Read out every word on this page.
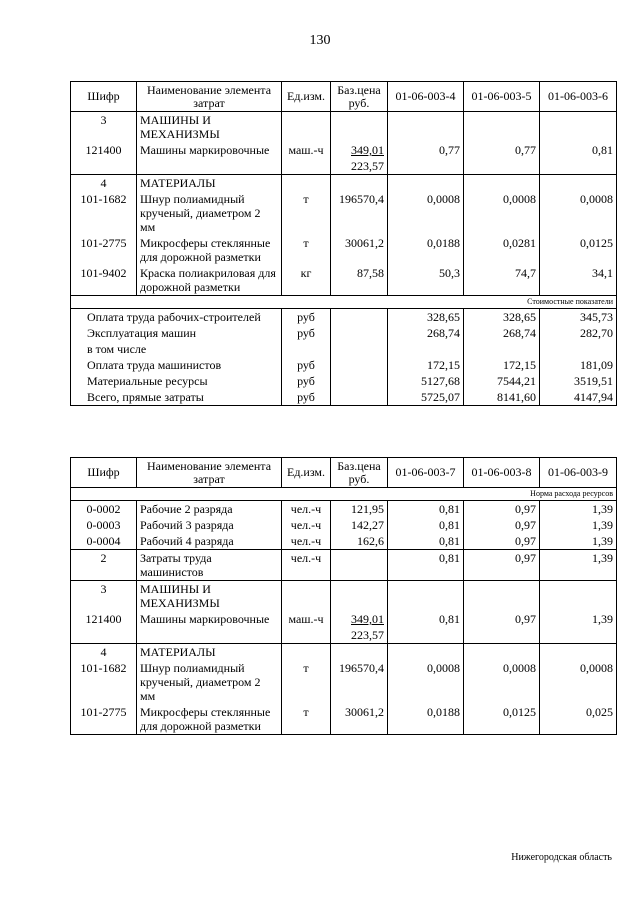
130
Шифр	Наименование элемента затрат	Ед.изм.	Баз.цена руб.	01-06-003-4	01-06-003-5	01-06-003-6
3	МАШИНЫ И МЕХАНИЗМЫ					
121400	Машины маркировочные	маш.-ч	349,01	0,77	0,77	0,81
			223,57			
4	МАТЕРИАЛЫ					
101-1682	Шнур полиамидный крученый, диаметром 2 мм	т	196570,4	0,0008	0,0008	0,0008
101-2775	Микросферы стеклянные для дорожной разметки	т	30061,2	0,0188	0,0281	0,0125
101-9402	Краска полиакриловая для дорожной разметки	кг	87,58	50,3	74,7	34,1
Стоимостные показатели						
Оплата труда рабочих-строителей		руб		328,65	328,65	345,73
Эксплуатация машин		руб		268,74	268,74	282,70
в том числе						
Оплата труда машинистов		руб		172,15	172,15	181,09
Материальные ресурсы		руб		5127,68	7544,21	3519,51
Всего, прямые затраты		руб		5725,07	8141,60	4147,94
Шифр	Наименование элемента затрат	Ед.изм.	Баз.цена руб.	01-06-003-7	01-06-003-8	01-06-003-9
Норма расхода ресурсов						
0-0002	Рабочие 2 разряда	чел.-ч	121,95	0,81	0,97	1,39
0-0003	Рабочий 3 разряда	чел.-ч	142,27	0,81	0,97	1,39
0-0004	Рабочий 4 разряда	чел.-ч	162,6	0,81	0,97	1,39
2	Затраты труда машинистов	чел.-ч		0,81	0,97	1,39
3	МАШИНЫ И МЕХАНИЗМЫ					
121400	Машины маркировочные	маш.-ч	349,01	0,81	0,97	1,39
			223,57			
4	МАТЕРИАЛЫ					
101-1682	Шнур полиамидный крученый, диаметром 2 мм	т	196570,4	0,0008	0,0008	0,0008
101-2775	Микросферы стеклянные для дорожной разметки	т	30061,2	0,0188	0,0125	0,025
Нижегородская область
